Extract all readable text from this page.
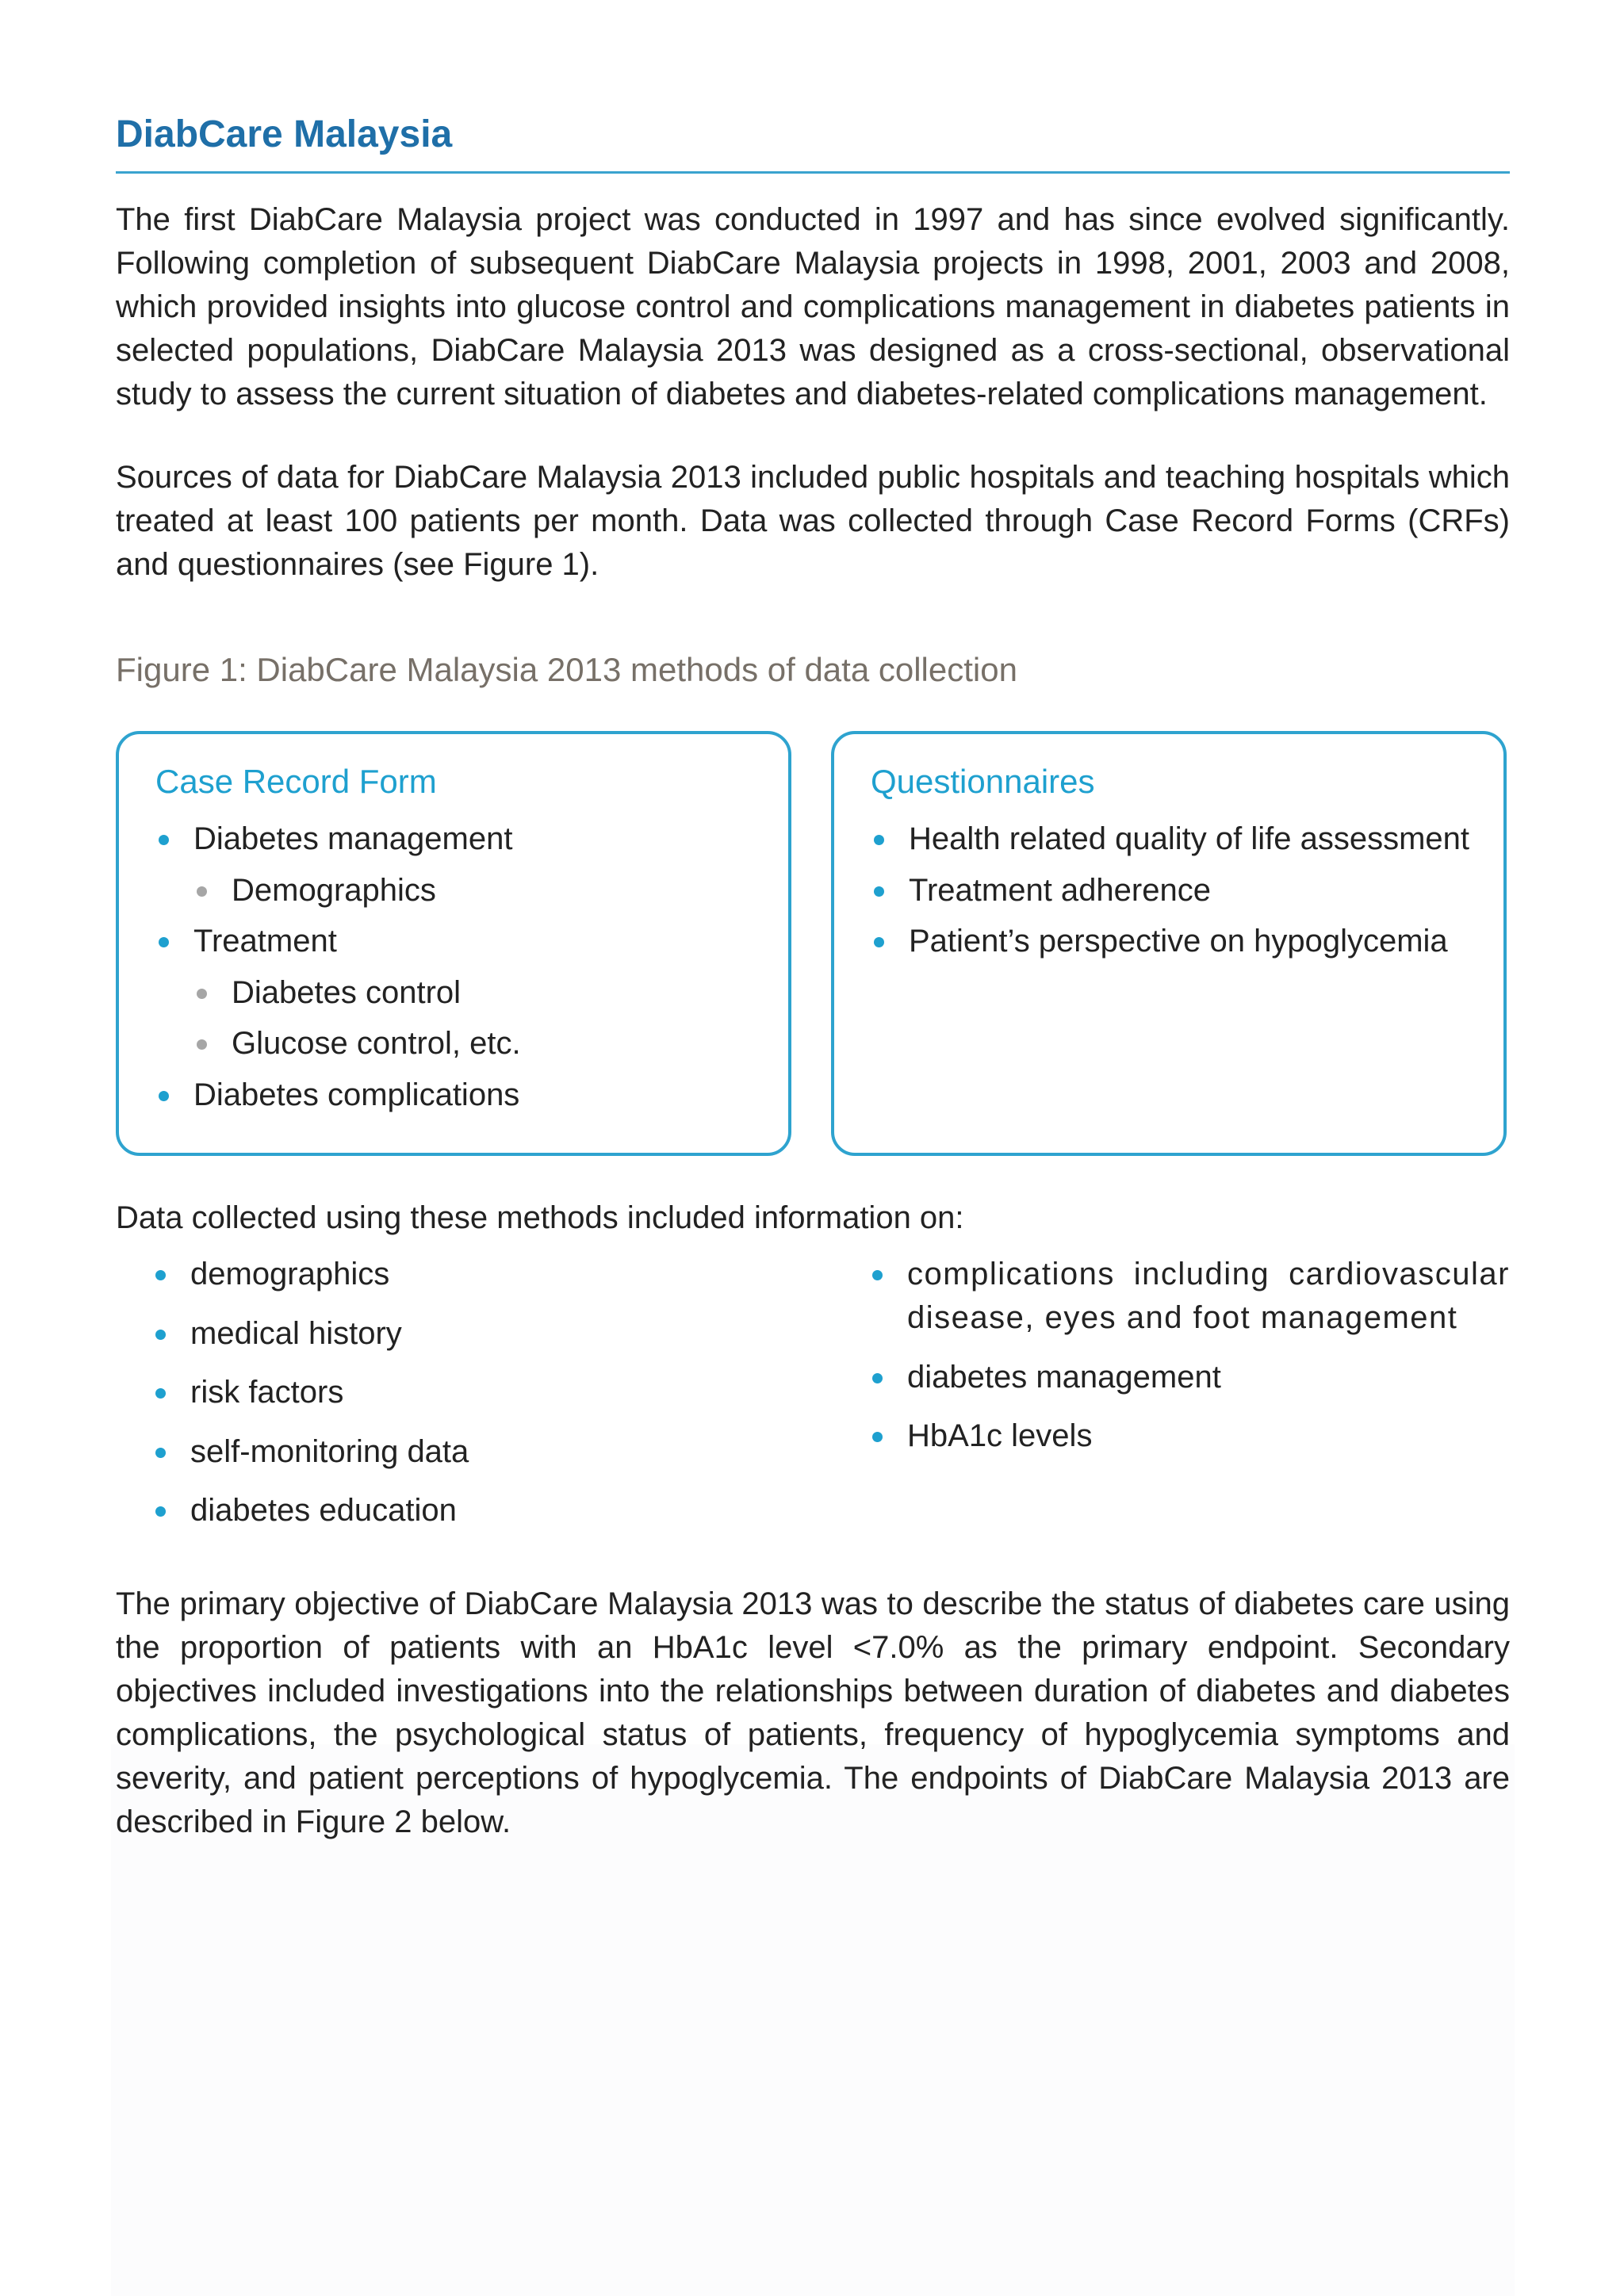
DiabCare Malaysia

The first DiabCare Malaysia project was conducted in 1997 and has since evolved significantly. Following completion of subsequent DiabCare Malaysia projects in 1998, 2001, 2003 and 2008, which provided insights into glucose control and complications management in diabetes patients in selected populations, DiabCare Malaysia 2013 was designed as a cross-sectional, observational study to assess the current situation of diabetes and diabetes-related complications management.

Sources of data for DiabCare Malaysia 2013 included public hospitals and teaching hospitals which treated at least 100 patients per month. Data was collected through Case Record Forms (CRFs) and questionnaires (see Figure 1).

Figure 1: DiabCare Malaysia 2013 methods of data collection

Case Record Form

Diabetes management
Demographics
Treatment
Diabetes control
Glucose control, etc.
Diabetes complications

Questionnaires

Health related quality of life assessment
Treatment adherence
Patient’s perspective on hypoglycemia

Data collected using these methods included information on:

demographics
medical history
risk factors
self-monitoring data
diabetes education
complications including cardiovascular disease, eyes and foot management
diabetes management
HbA1c levels

The primary objective of DiabCare Malaysia 2013 was to describe the status of diabetes care using the proportion of patients with an HbA1c level <7.0% as the primary endpoint. Secondary objectives included investigations into the relationships between duration of diabetes and diabetes complications, the psychological status of patients, frequency of hypoglycemia symptoms and severity, and patient perceptions of hypoglycemia. The endpoints of DiabCare Malaysia 2013 are described in Figure 2 below.
